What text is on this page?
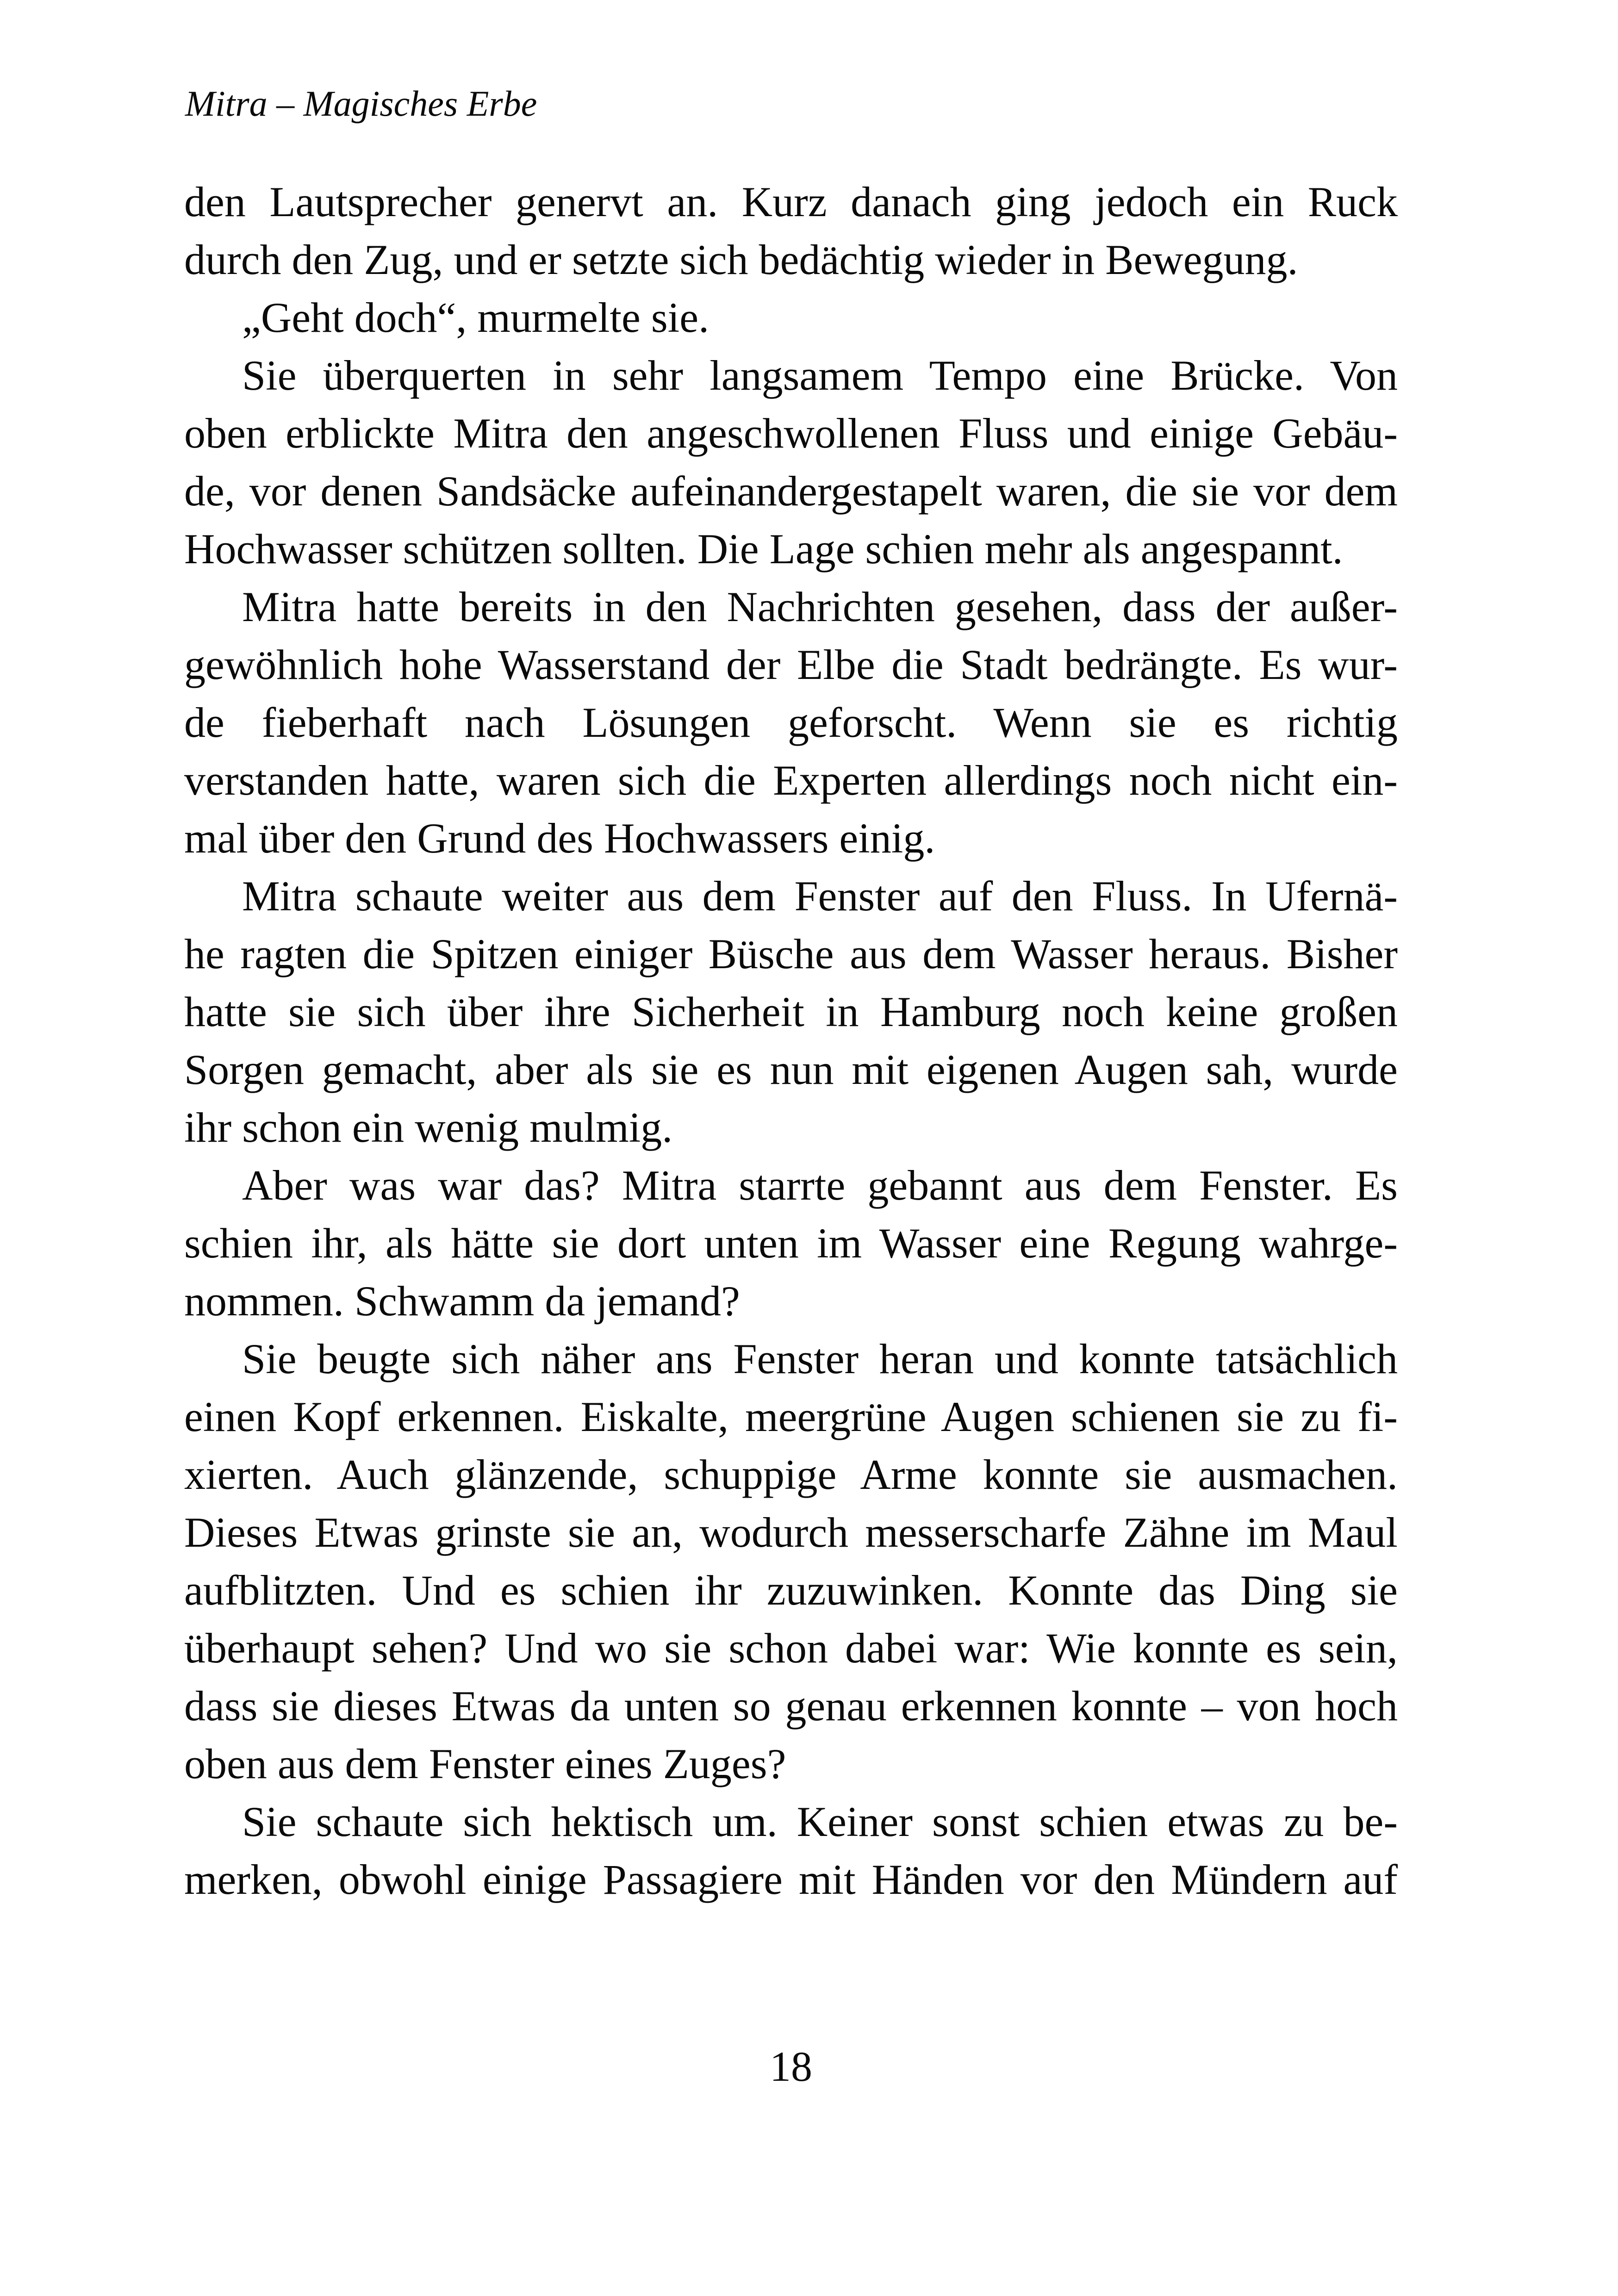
Mitra – Magisches Erbe
den Lautsprecher genervt an. Kurz danach ging jedoch ein Ruck
durch den Zug, und er setzte sich bedächtig wieder in Bewegung.
„Geht doch“, murmelte sie.
Sie überquerten in sehr langsamem Tempo eine Brücke. Von
oben erblickte Mitra den angeschwollenen Fluss und einige Gebäu-
de, vor denen Sandsäcke aufeinandergestapelt waren, die sie vor dem
Hochwasser schützen sollten. Die Lage schien mehr als angespannt.
Mitra hatte bereits in den Nachrichten gesehen, dass der außer-
gewöhnlich hohe Wasserstand der Elbe die Stadt bedrängte. Es wur-
de fieberhaft nach Lösungen geforscht. Wenn sie es richtig
verstanden hatte, waren sich die Experten allerdings noch nicht ein-
mal über den Grund des Hochwassers einig.
Mitra schaute weiter aus dem Fenster auf den Fluss. In Ufernä-
he ragten die Spitzen einiger Büsche aus dem Wasser heraus. Bisher
hatte sie sich über ihre Sicherheit in Hamburg noch keine großen
Sorgen gemacht, aber als sie es nun mit eigenen Augen sah, wurde
ihr schon ein wenig mulmig.
Aber was war das? Mitra starrte gebannt aus dem Fenster. Es
schien ihr, als hätte sie dort unten im Wasser eine Regung wahrge-
nommen. Schwamm da jemand?
Sie beugte sich näher ans Fenster heran und konnte tatsächlich
einen Kopf erkennen. Eiskalte, meergrüne Augen schienen sie zu fi-
xierten. Auch glänzende, schuppige Arme konnte sie ausmachen.
Dieses Etwas grinste sie an, wodurch messerscharfe Zähne im Maul
aufblitzten. Und es schien ihr zuzuwinken. Konnte das Ding sie
überhaupt sehen? Und wo sie schon dabei war: Wie konnte es sein,
dass sie dieses Etwas da unten so genau erkennen konnte – von hoch
oben aus dem Fenster eines Zuges?
Sie schaute sich hektisch um. Keiner sonst schien etwas zu be-
merken, obwohl einige Passagiere mit Händen vor den Mündern auf
18
